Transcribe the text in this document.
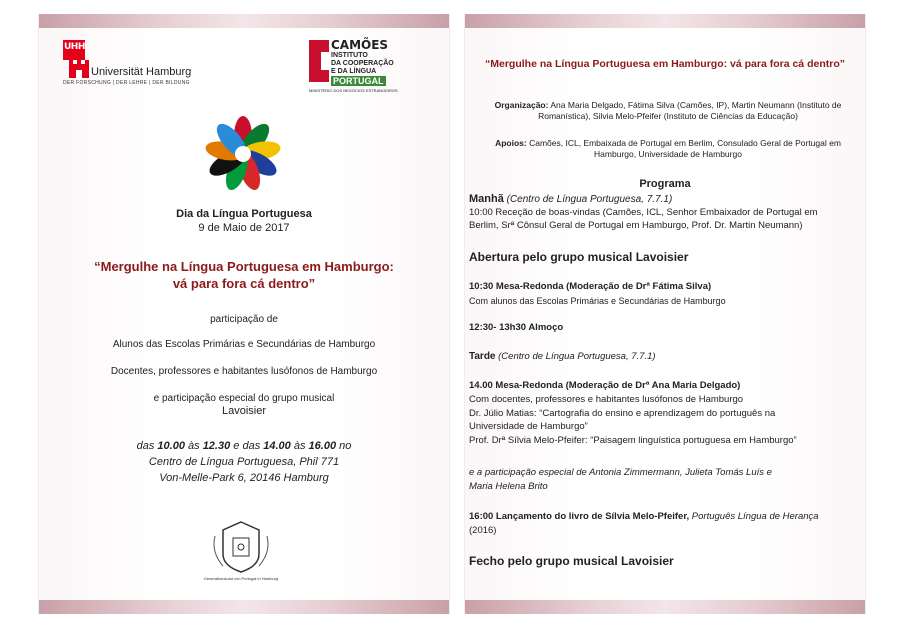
UHH
Universität Hamburg
DER FORSCHUNG | DER LEHRE | DER BILDUNG
CAMÕES
INSTITUTO
DA COOPERAÇÃO
PORTUGAL
E DA LÍNGUA
MINISTÉRIO DOS NEGÓCIOS ESTRANGEIROS
Dia da Língua Portuguesa
9 de Maio de 2017
“Mergulhe na Língua Portuguesa em Hamburgo:
vá para fora cá dentro”
participação de
Alunos das Escolas Primárias e Secundárias de Hamburgo
Docentes, professores e habitantes lusófonos de Hamburgo
e participação especial do grupo musical
Lavoisier
das 10.00 às 12.30 e das 14.00 às 16.00 no
Centro de Língua Portuguesa, Phil 771
Von-Melle-Park 6, 20146 Hamburg
Generalkonsulat von Portugal in Hamburg
“Mergulhe na Língua Portuguesa em Hamburgo: vá para fora cá dentro”
Organização: Ana Maria Delgado, Fátima Silva (Camões, IP), Martin Neumann (Instituto de
Romanística), Silvia Melo-Pfeifer (Instituto de Ciências da Educação)
Apoios: Camões, ICL, Embaixada de Portugal em Berlim, Consulado Geral de Portugal em
Hamburgo, Universidade de Hamburgo
Programa
Manhã (Centro de Língua Portuguesa, 7.7.1)
10:00 Receção de boas-vindas (Camões, ICL, Senhor Embaixador de Portugal em
Berlim, Srª Cônsul Geral de Portugal em Hamburgo, Prof. Dr. Martin Neumann)
Abertura pelo grupo musical Lavoisier
10:30 Mesa-Redonda (Moderação de Drª Fátima Silva)
Com alunos das Escolas Primárias e Secundárias de Hamburgo
12:30- 13h30 Almoço
Tarde (Centro de Língua Portuguesa, 7.7.1)
14.00 Mesa-Redonda (Moderação de Drª Ana Maria Delgado)
Com docentes, professores e habitantes lusófonos de Hamburgo
Dr. Júlio Matias: “Cartografia do ensino e aprendizagem do português na
Universidade de Hamburgo”
Prof. Drª Sílvia Melo-Pfeifer: “Paisagem linguística portuguesa em Hamburgo”
e a participação especial de Antonia Zimmermann, Julieta Tomás Luís e
Maria Helena Brito
16:00 Lançamento do livro de Sílvia Melo-Pfeifer, Português Língua de Herança
(2016)
Fecho pelo grupo musical Lavoisier
